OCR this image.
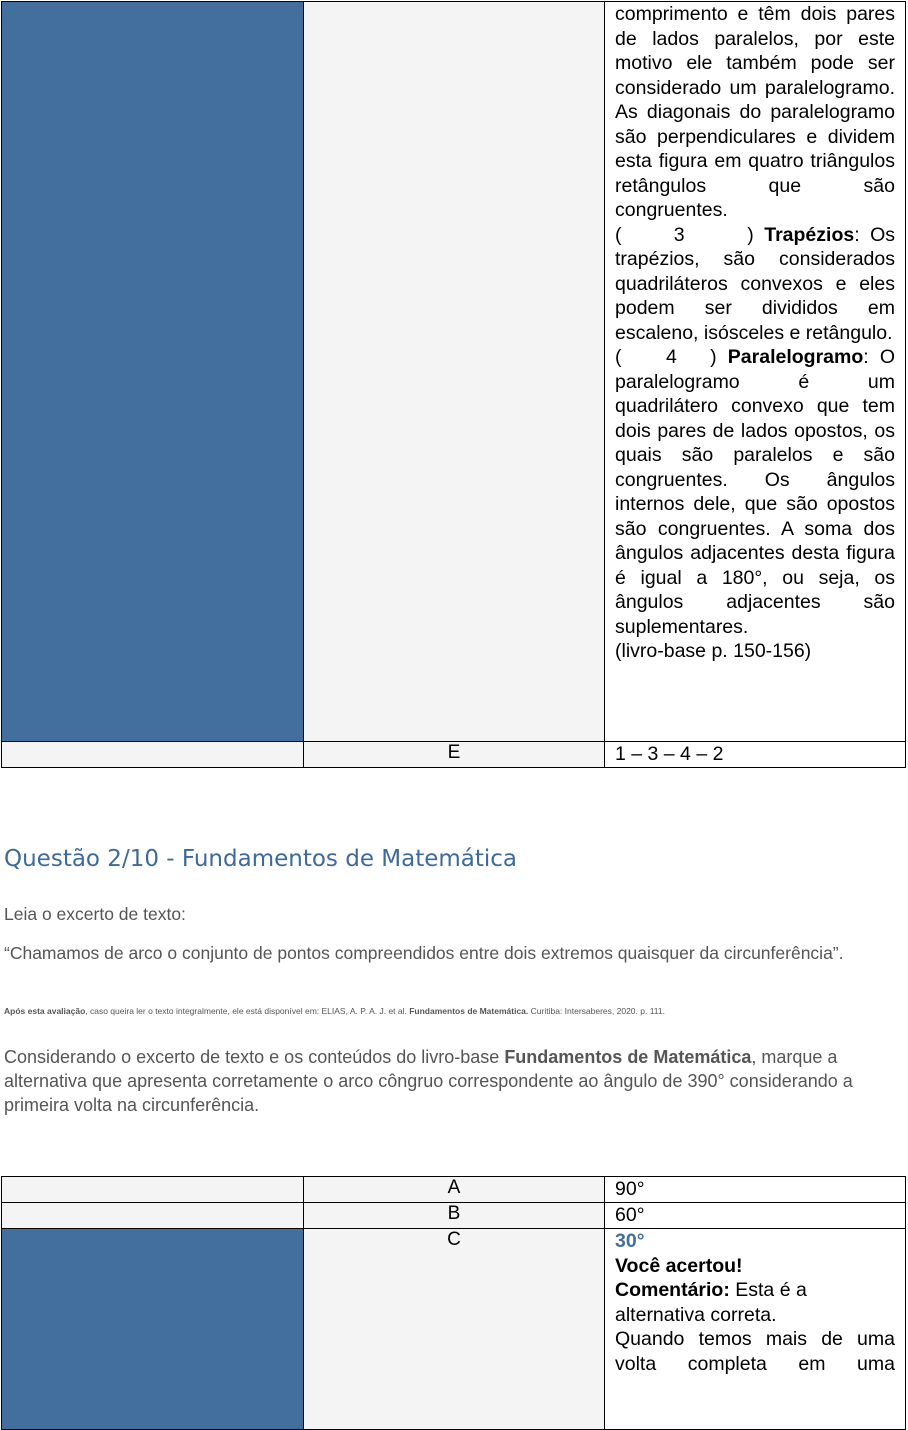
		comprimento e têm dois pares de lados paralelos, por este motivo ele também pode ser considerado um paralelogramo. As diagonais do paralelogramo são perpendiculares e dividem esta figura em quatro triângulos retângulos que são congruentes.
(     3      ) Trapézios: Os trapézios, são considerados quadriláteros convexos e eles podem ser divididos em escaleno, isósceles e retângulo.
(    4   ) Paralelogramo: O paralelogramo é um quadrilátero convexo que tem dois pares de lados opostos, os quais são paralelos e são congruentes. Os ângulos internos dele, que são opostos são congruentes. A soma dos ângulos adjacentes desta figura é igual a 180°, ou seja, os ângulos adjacentes são suplementares.
(livro-base p. 150-156)

	E	1 – 3 – 4 – 2
Questão 2/10 - Fundamentos de Matemática
Leia o excerto de texto:
“Chamamos de arco o conjunto de pontos compreendidos entre dois extremos quaisquer da circunferência”.
Após esta avaliação, caso queira ler o texto integralmente, ele está disponível em: ELIAS, A. P. A. J. et al. Fundamentos de Matemática. Curitiba: Intersaberes, 2020. p. 111.
Considerando o excerto de texto e os conteúdos do livro-base Fundamentos de Matemática, marque a alternativa que apresenta corretamente o arco côngruo correspondente ao ângulo de 390° considerando a primeira volta na circunferência.
	A	90°
	B	60°
	C	30°
Você acertou!
Comentário: Esta é a alternativa correta.
Quando temos mais de uma volta completa em uma
